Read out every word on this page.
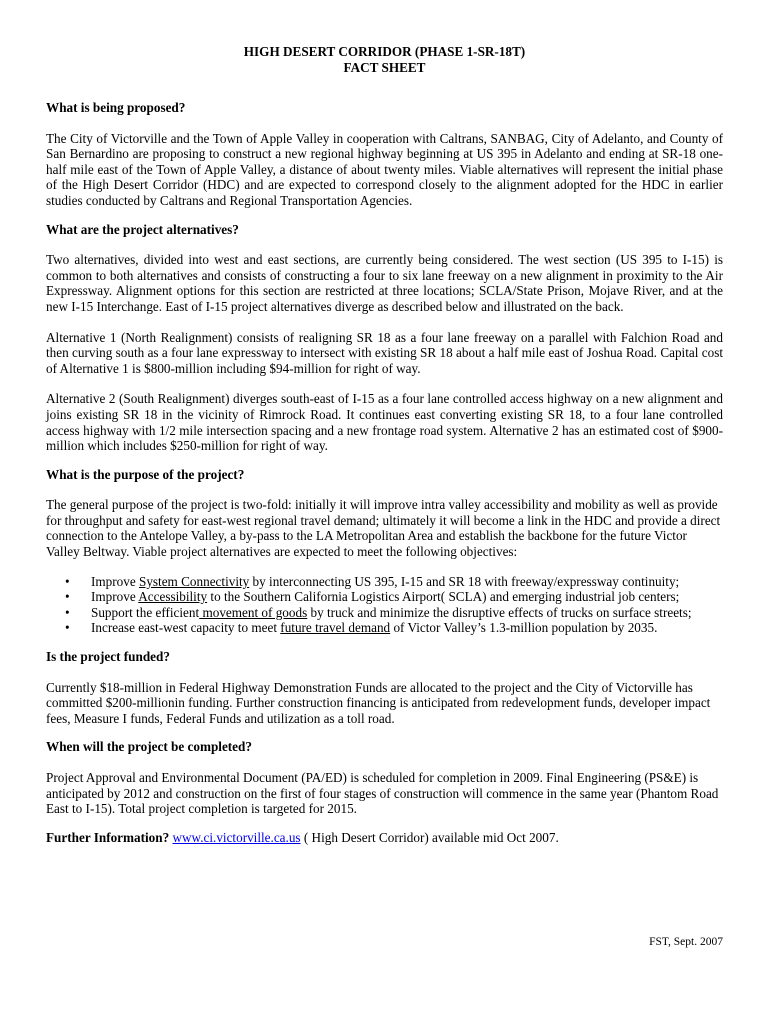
HIGH DESERT CORRIDOR (PHASE 1-SR-18T)

FACT SHEET

What is being proposed?

The City of Victorville and the Town of Apple Valley in cooperation with Caltrans, SANBAG, City of Adelanto, and County of San Bernardino are proposing to construct a new regional highway beginning at US 395 in Adelanto and ending at SR-18 one-half mile east of the Town of Apple Valley, a distance of about twenty miles. Viable alternatives will represent the initial phase of the High Desert Corridor (HDC) and are expected to correspond closely to the alignment adopted for the HDC in earlier studies conducted by Caltrans and Regional Transportation Agencies.

What are the project alternatives?

Two alternatives, divided into west and east sections, are currently being considered. The west section (US 395 to I-15) is common to both alternatives and consists of constructing a four to six lane freeway on a new alignment in proximity to the Air Expressway. Alignment options for this section are restricted at three locations; SCLA/State Prison, Mojave River, and at the new I-15 Interchange. East of I-15 project alternatives diverge as described below and illustrated on the back.

Alternative 1 (North Realignment) consists of realigning SR 18 as a four lane freeway on a parallel with Falchion Road and then curving south as a four lane expressway to intersect with existing SR 18 about a half mile east of Joshua Road. Capital cost of Alternative 1 is $800-million including $94-million for right of way.

Alternative 2 (South Realignment) diverges south-east of I-15 as a four lane controlled access highway on a new alignment and joins existing SR 18 in the vicinity of Rimrock Road. It continues east converting existing SR 18, to a four lane controlled access highway with 1/2 mile intersection spacing and a new frontage road system. Alternative 2 has an estimated cost of $900-million which includes $250-million for right of way.

What is the purpose of the project?

The general purpose of the project is two-fold: initially it will improve intra valley accessibility and mobility as well as provide for throughput and safety for east-west regional travel demand; ultimately it will become a link in the HDC and provide a direct connection to the Antelope Valley, a by-pass to the LA Metropolitan Area and establish the backbone for the future Victor Valley Beltway. Viable project alternatives are expected to meet the following objectives:

• Improve System Connectivity by interconnecting US 395, I-15 and SR 18 with freeway/expressway continuity;
• Improve Accessibility to the Southern California Logistics Airport( SCLA) and emerging industrial job centers;
• Support the efficient movement of goods by truck and minimize the disruptive effects of trucks on surface streets;
• Increase east-west capacity to meet future travel demand of Victor Valley’s 1.3-million population by 2035.

Is the project funded?

Currently $18-million in Federal Highway Demonstration Funds are allocated to the project and the City of Victorville has committed $200-millionin funding. Further construction financing is anticipated from redevelopment funds, developer impact fees, Measure I funds, Federal Funds and utilization as a toll road.

When will the project be completed?

Project Approval and Environmental Document (PA/ED) is scheduled for completion in 2009. Final Engineering (PS&E) is anticipated by 2012 and construction on the first of four stages of construction will commence in the same year (Phantom Road East to I-15). Total project completion is targeted for 2015.

Further Information? www.ci.victorville.ca.us ( High Desert Corridor) available mid Oct 2007.

FST, Sept. 2007
